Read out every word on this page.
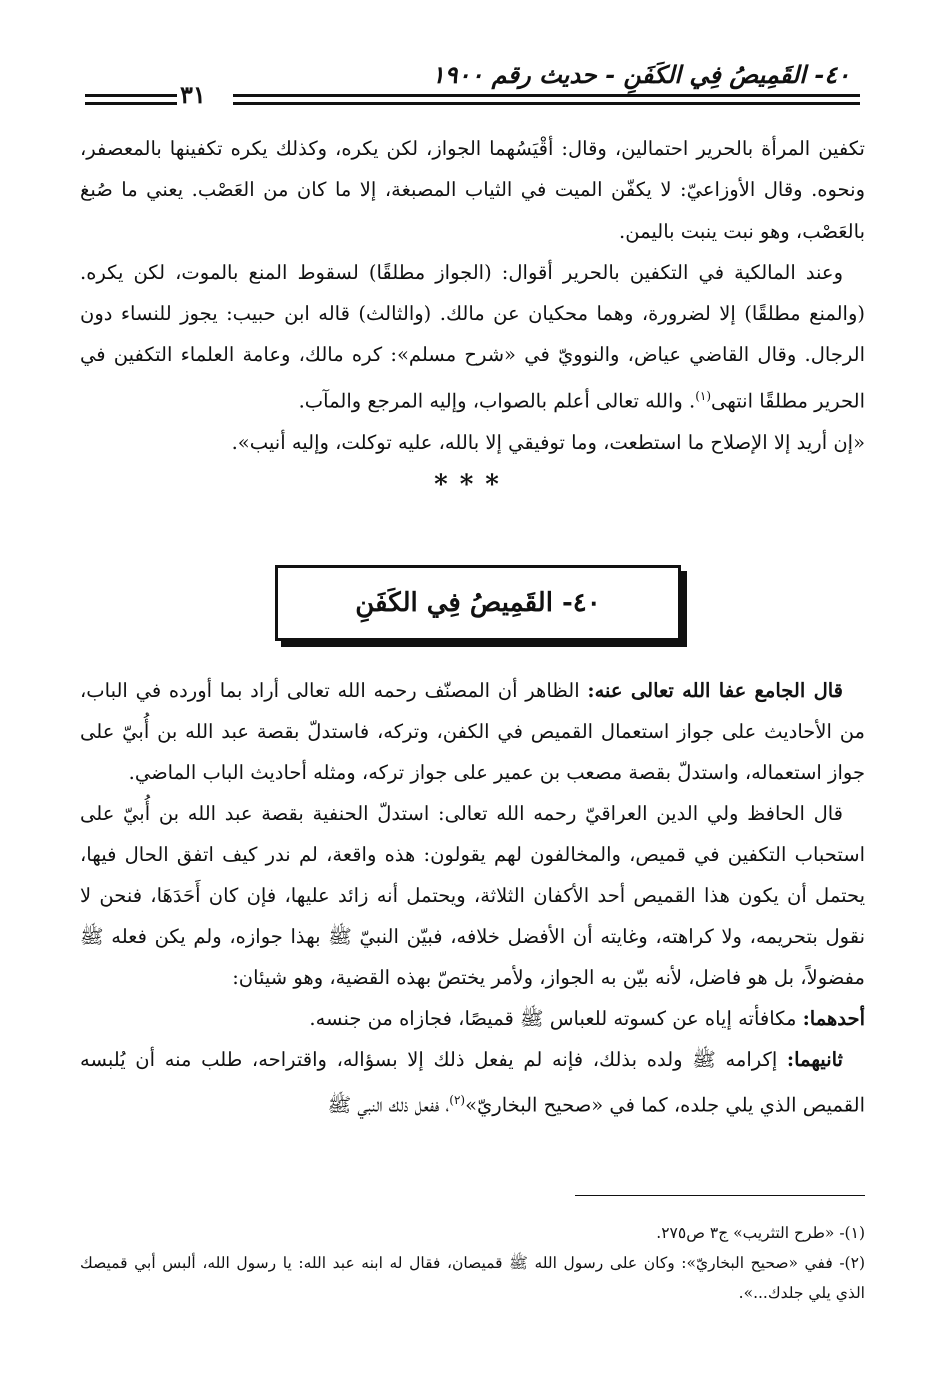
٤٠- القَمِيصُ فِي الكَفَنِ - حديث رقم ١٩٠٠
٣١

تكفين المرأة بالحرير احتمالين، وقال: أقْيَسُهما الجواز، لكن يكره، وكذلك يكره تكفينها بالمعصفر، ونحوه. وقال الأوزاعيّ: لا يكفّن الميت في الثياب المصبغة، إلا ما كان من العَصْب. يعني ما صُبغ بالعَصْب، وهو نبت ينبت باليمن.

وعند المالكية في التكفين بالحرير أقوال: (الجواز مطلقًا) لسقوط المنع بالموت، لكن يكره. (والمنع مطلقًا) إلا لضرورة، وهما محكيان عن مالك. (والثالث) قاله ابن حبيب: يجوز للنساء دون الرجال. وقال القاضي عياض، والنوويّ في «شرح مسلم»: كره مالك، وعامة العلماء التكفين في الحرير مطلقًا انتهى$^{(١)}$. والله تعالى أعلم بالصواب، وإليه المرجع والمآب.

«إن أريد إلا الإصلاح ما استطعت، وما توفيقي إلا بالله، عليه توكلت، وإليه أنيب».

***

٤٠- القَمِيصُ فِي الكَفَنِ

قال الجامع عفا الله تعالى عنه: الظاهر أن المصنّف رحمه الله تعالى أراد بما أورده في الباب، من الأحاديث على جواز استعمال القميص في الكفن، وتركه، فاستدلّ بقصة عبد الله بن أُبيّ على جواز استعماله، واستدلّ بقصة مصعب بن عمير على جواز تركه، ومثله أحاديث الباب الماضي.

قال الحافظ ولي الدين العراقيّ رحمه الله تعالى: استدلّ الحنفية بقصة عبد الله بن أُبيّ على استحباب التكفين في قميص، والمخالفون لهم يقولون: هذه واقعة، لم ندر كيف اتفق الحال فيها، يحتمل أن يكون هذا القميص أحد الأكفان الثلاثة، ويحتمل أنه زائد عليها، فإن كان أَحَدَهَا، فنحن لا نقول بتحريمه، ولا كراهته، وغايته أن الأفضل خلافه، فبيّن النبيّ ﷺ بهذا جوازه، ولم يكن فعله ﷺ مفضولاً، بل هو فاضل، لأنه بيّن به الجواز، ولأمر يختصّ بهذه القضية، وهو شيئان:

أحدهما: مكافأته إياه عن كسوته للعباس ﷺ قميصًا، فجازاه من جنسه.

ثانيهما: إكرامه ﷺ ولده بذلك، فإنه لم يفعل ذلك إلا بسؤاله، واقتراحه، طلب منه أن يُلبسه القميص الذي يلي جلده، كما في «صحيح البخاريّ»$^{(٢)}$، ففعل ذلك النبي ﷺ

(١)- «طرح التثريب» ج٣ ص٢٧٥.

(٢)- ففي «صحيح البخاريّ»: وكان على رسول الله ﷺ قميصان، فقال له ابنه عبد الله: يا رسول الله، ألبس أبي قميصك الذي يلي جلدك...».
